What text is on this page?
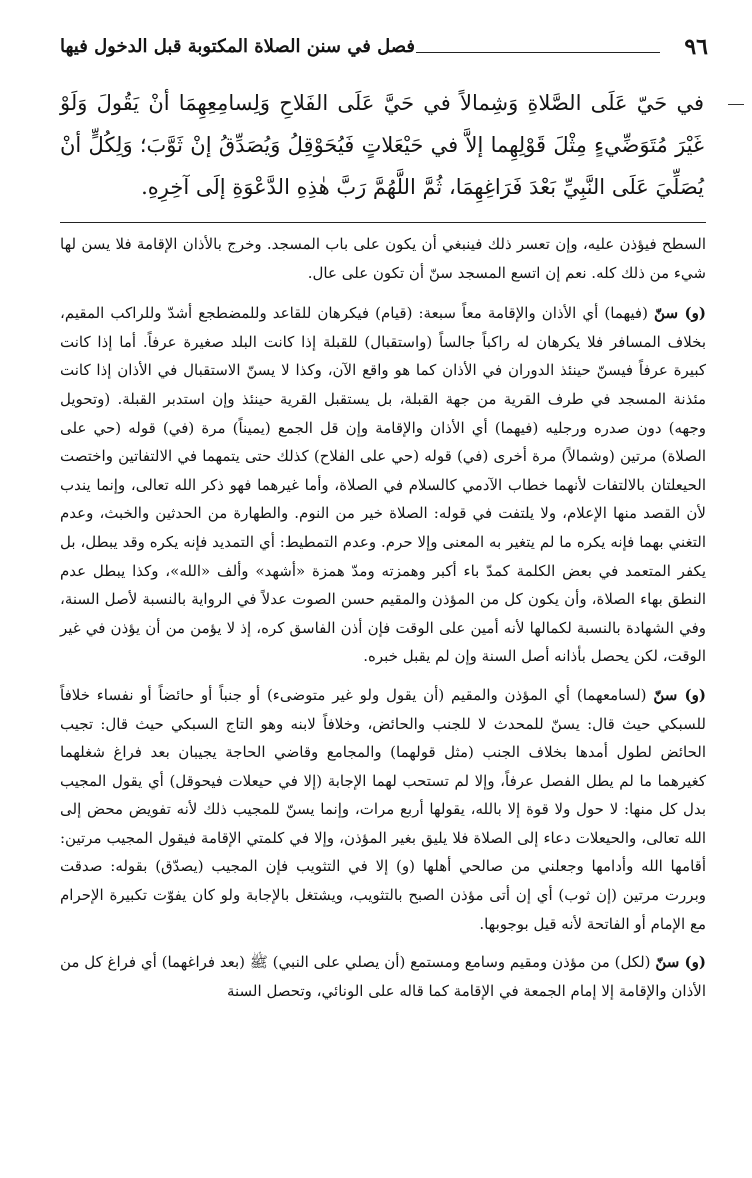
٩٦
فصل في سنن الصلاة المكتوبة قبل الدخول فيها

في حَيّ عَلَى الصَّلاةِ وَشِمالاً في حَيَّ عَلَى الفَلاحِ وَلِسامِعِهِمَا أنْ يَقُولَ وَلَوْ غَيْرَ مُتَوَضِّيءٍ مِثْلَ قَوْلِهِما إلاَّ في حَيْعَلاتٍ فَيُحَوْقِلُ وَيُصَدِّقُ إنْ ثَوَّبَ؛ وَلِكُلٍّ أنْ يُصَلِّيَ عَلَى النَّبِيِّ بَعْدَ فَرَاغِهِمَا، ثُمَّ اللَّهُمَّ رَبَّ هٰذِهِ الدَّعْوَةِ إلَى آخِرِهِ.

السطح فيؤذن عليه، وإن تعسر ذلك فينبغي أن يكون على باب المسجد. وخرج بالأذان الإقامة فلا يسن لها شيء من ذلك كله. نعم إن اتسع المسجد سنّ أن تكون على عال.

(و) سنّ (فيهما) أي الأذان والإقامة معاً سبعة: (قيام) فيكرهان للقاعد وللمضطجع أشدّ وللراكب المقيم، بخلاف المسافر فلا يكرهان له راكباً جالساً (واستقبال) للقبلة إذا كانت البلد صغيرة عرفاً. أما إذا كانت كبيرة عرفاً فيسنّ حينئذ الدوران في الأذان كما هو واقع الآن، وكذا لا يسنّ الاستقبال في الأذان إذا كانت مئذنة المسجد في طرف القرية من جهة القبلة، بل يستقبل القرية حينئذ وإن استدبر القبلة. (وتحويل وجهه) دون صدره ورجليه (فيهما) أي الأذان والإقامة وإن قل الجمع (يميناً) مرة (في) قوله (حي على الصلاة) مرتين (وشمالاً) مرة أخرى (في) قوله (حي على الفلاح) كذلك حتى يتمهما في الالتفاتين واختصت الحيعلتان بالالتفات لأنهما خطاب الآدمي كالسلام في الصلاة، وأما غيرهما فهو ذكر الله تعالى، وإنما يندب لأن القصد منها الإعلام، ولا يلتفت في قوله: الصلاة خير من النوم. والطهارة من الحدثين والخبث، وعدم التغني بهما فإنه يكره ما لم يتغير به المعنى وإلا حرم. وعدم التمطيط: أي التمديد فإنه يكره وقد يبطل، بل يكفر المتعمد في بعض الكلمة كمدّ باء أكبر وهمزته ومدّ همزة «أشهد» وألف «الله»، وكذا يبطل عدم النطق بهاء الصلاة، وأن يكون كل من المؤذن والمقيم حسن الصوت عدلاً في الرواية بالنسبة لأصل السنة، وفي الشهادة بالنسبة لكمالها لأنه أمين على الوقت فإن أذن الفاسق كره، إذ لا يؤمن من أن يؤذن في غير الوقت، لكن يحصل بأذانه أصل السنة وإن لم يقبل خبره.

(و) سنّ (لسامعهما) أي المؤذن والمقيم (أن يقول ولو غير متوضىء) أو جنباً أو حائضاً أو نفساء خلافاً للسبكي حيث قال: يسنّ للمحدث لا للجنب والحائض، وخلافاً لابنه وهو التاج السبكي حيث قال: تجيب الحائض لطول أمدها بخلاف الجنب (مثل قولهما) والمجامع وقاضي الحاجة يجيبان بعد فراغ شغلهما كغيرهما ما لم يطل الفصل عرفاً، وإلا لم تستحب لهما الإجابة (إلا في حيعلات فيحوقل) أي يقول المجيب بدل كل منها: لا حول ولا قوة إلا بالله، يقولها أربع مرات، وإنما يسنّ للمجيب ذلك لأنه تفويض محض إلى الله تعالى، والحيعلات دعاء إلى الصلاة فلا يليق بغير المؤذن، وإلا في كلمتي الإقامة فيقول المجيب مرتين: أقامها الله وأدامها وجعلني من صالحي أهلها (و) إلا في التثويب فإن المجيب (يصدّق) بقوله: صدقت وبررت مرتين (إن ثوب) أي إن أتى مؤذن الصبح بالتثويب، ويشتغل بالإجابة ولو كان يفوّت تكبيرة الإحرام مع الإمام أو الفاتحة لأنه قيل بوجوبها.

(و) سنّ (لكل) من مؤذن ومقيم وسامع ومستمع (أن يصلي على النبي) ﷺ (بعد فراغهما) أي فراغ كل من الأذان والإقامة إلا إمام الجمعة في الإقامة كما قاله على الونائي، وتحصل السنة
